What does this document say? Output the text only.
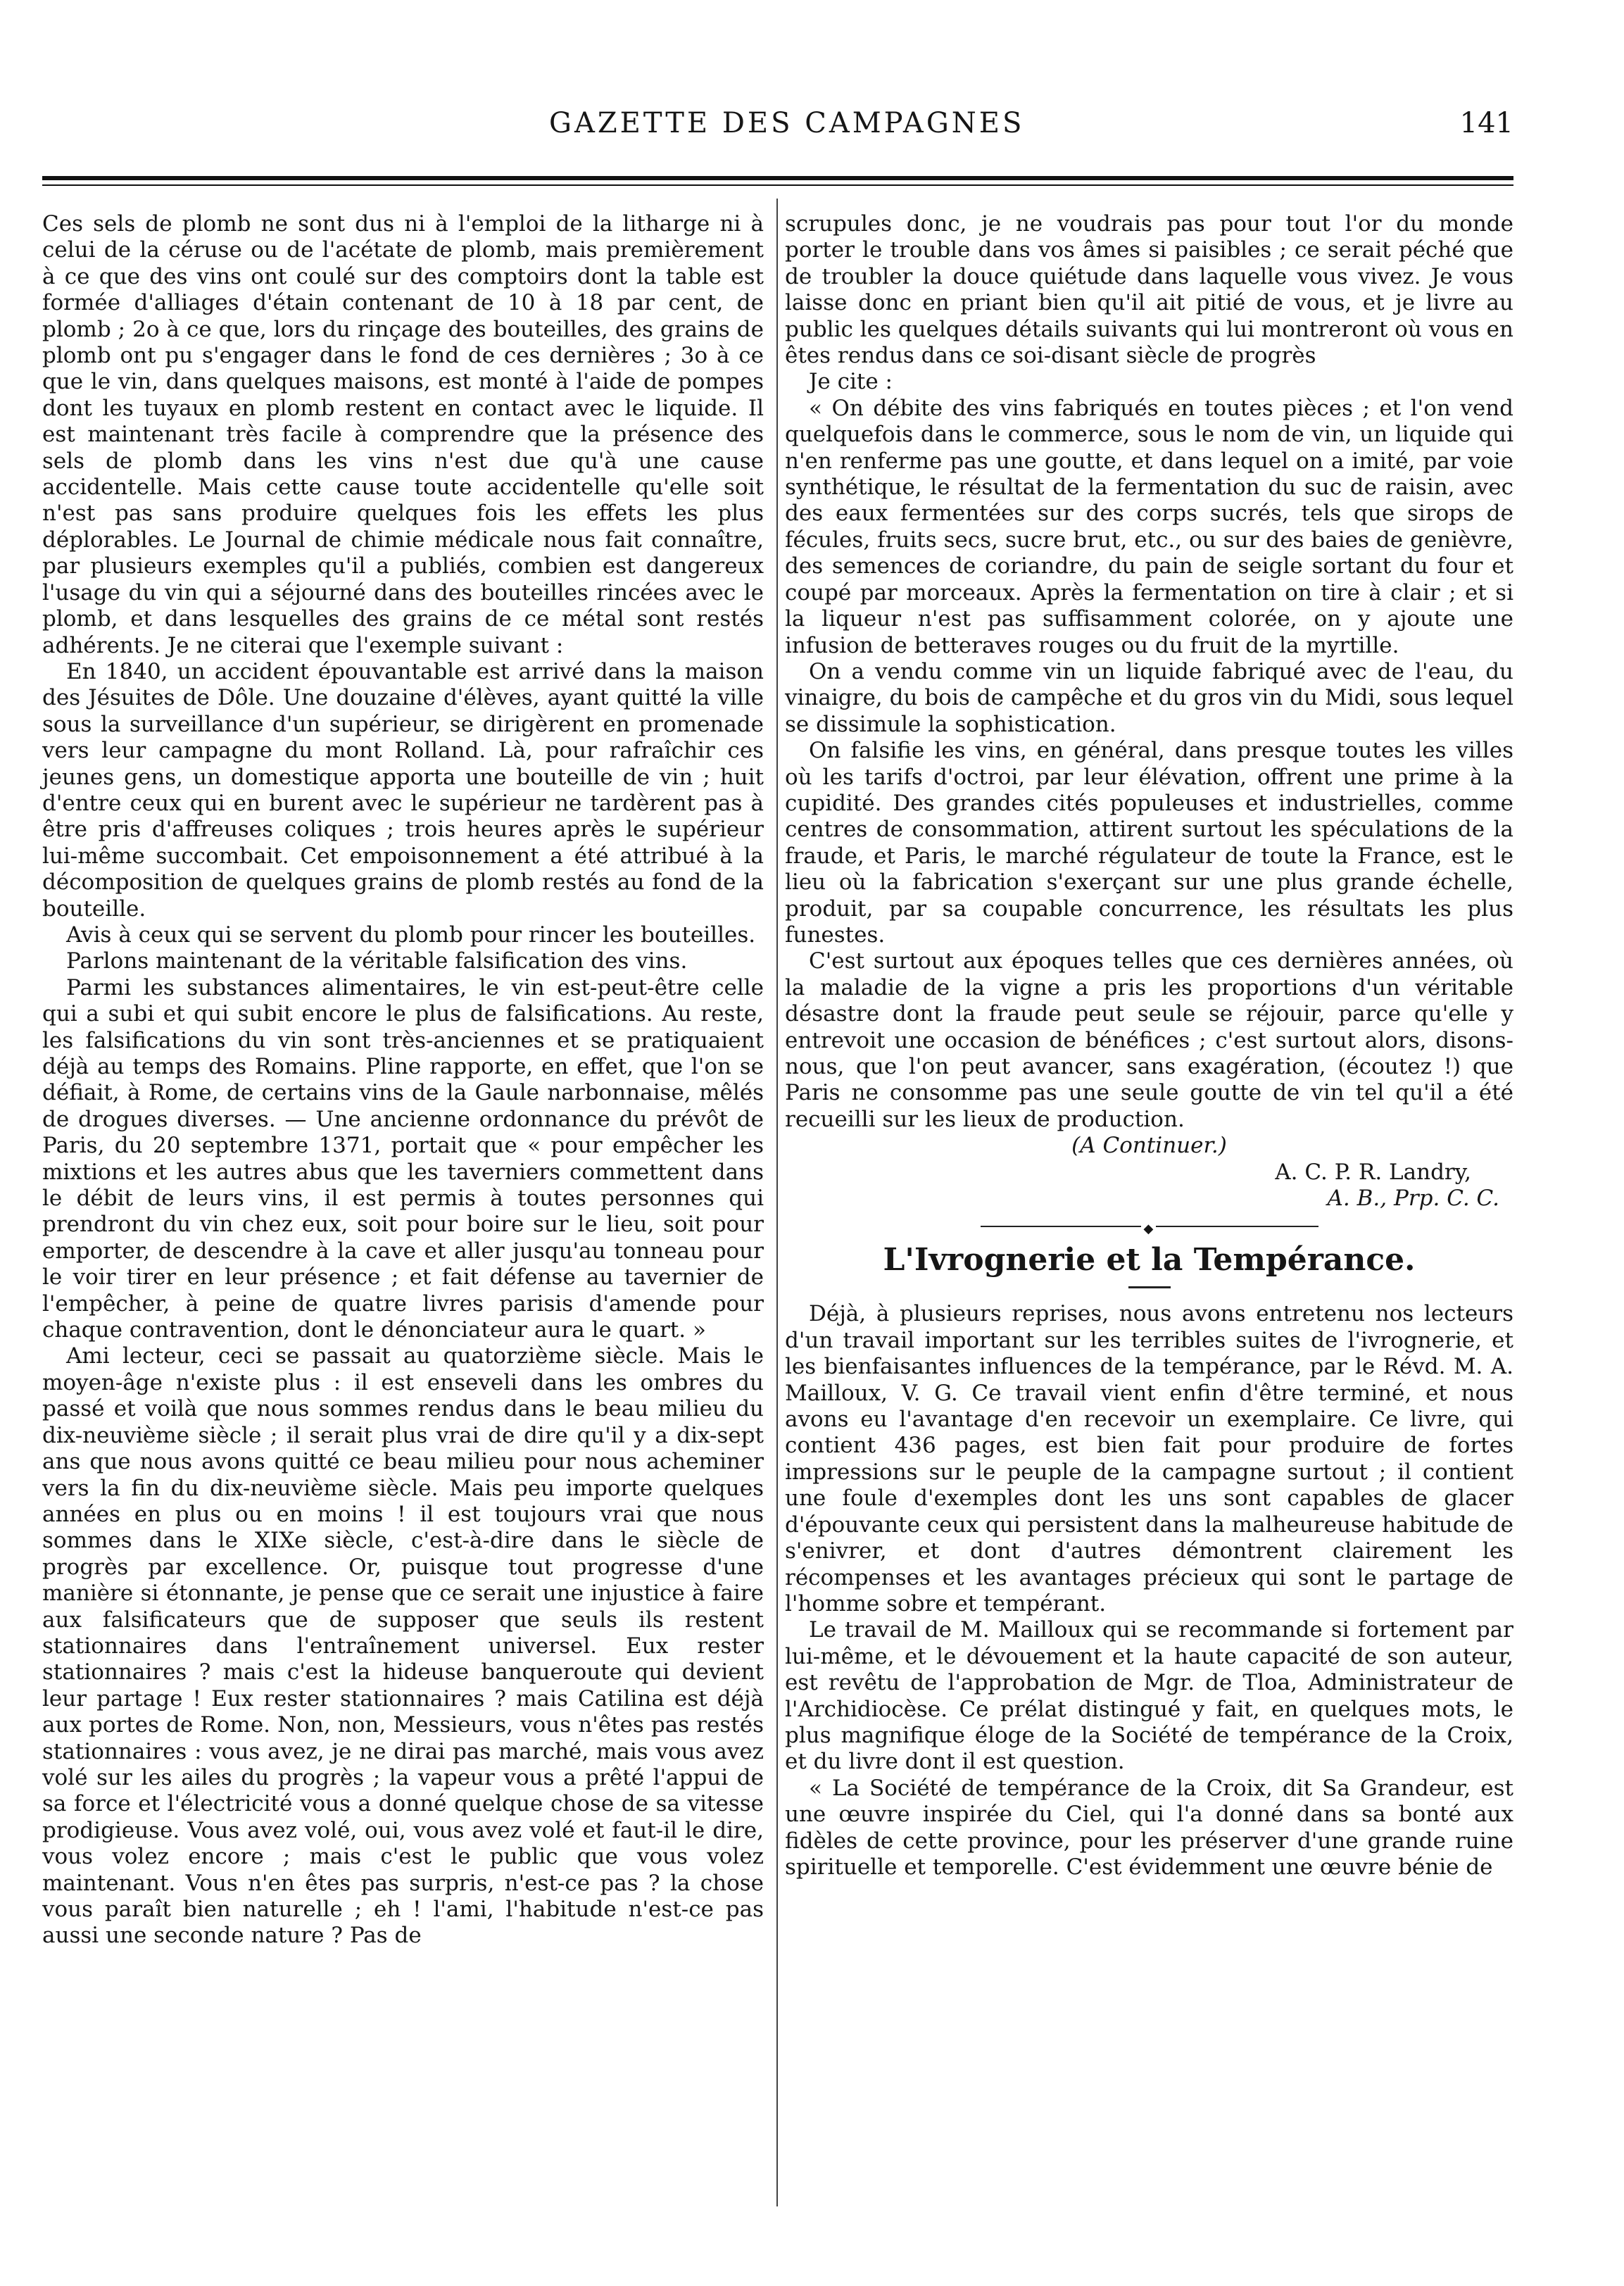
GAZETTE DES CAMPAGNES	141

Ces sels de plomb ne sont dus ni à l'emploi de la litharge ni à celui de la céruse ou de l'acétate de plomb, mais premièrement à ce que des vins ont coulé sur des comptoirs dont la table est formée d'alliages d'étain contenant de 10 à 18 par cent, de plomb ; 2o à ce que, lors du rinçage des bouteilles, des grains de plomb ont pu s'engager dans le fond de ces dernières ; 3o à ce que le vin, dans quelques maisons, est monté à l'aide de pompes dont les tuyaux en plomb restent en contact avec le liquide. Il est maintenant très facile à comprendre que la présence des sels de plomb dans les vins n'est due qu'à une cause accidentelle. Mais cette cause toute accidentelle qu'elle soit n'est pas sans produire quelques fois les effets les plus déplorables. Le Journal de chimie médicale nous fait connaître, par plusieurs exemples qu'il a publiés, combien est dangereux l'usage du vin qui a séjourné dans des bouteilles rincées avec le plomb, et dans lesquelles des grains de ce métal sont restés adhérents. Je ne citerai que l'exemple suivant :

En 1840, un accident épouvantable est arrivé dans la maison des Jésuites de Dôle. Une douzaine d'élèves, ayant quitté la ville sous la surveillance d'un supérieur, se dirigèrent en promenade vers leur campagne du mont Rolland. Là, pour rafraîchir ces jeunes gens, un domestique apporta une bouteille de vin ; huit d'entre ceux qui en burent avec le supérieur ne tardèrent pas à être pris d'affreuses coliques ; trois heures après le supérieur lui-même succombait. Cet empoisonnement a été attribué à la décomposition de quelques grains de plomb restés au fond de la bouteille.

Avis à ceux qui se servent du plomb pour rincer les bouteilles.

Parlons maintenant de la véritable falsification des vins.

Parmi les substances alimentaires, le vin est-peut-être celle qui a subi et qui subit encore le plus de falsifications. Au reste, les falsifications du vin sont très-anciennes et se pratiquaient déjà au temps des Romains. Pline rapporte, en effet, que l'on se défiait, à Rome, de certains vins de la Gaule narbonnaise, mêlés de drogues diverses. — Une ancienne ordonnance du prévôt de Paris, du 20 septembre 1371, portait que « pour empêcher les mixtions et les autres abus que les taverniers commettent dans le débit de leurs vins, il est permis à toutes personnes qui prendront du vin chez eux, soit pour boire sur le lieu, soit pour emporter, de descendre à la cave et aller jusqu'au tonneau pour le voir tirer en leur présence ; et fait défense au tavernier de l'empêcher, à peine de quatre livres parisis d'amende pour chaque contravention, dont le dénonciateur aura le quart. »

Ami lecteur, ceci se passait au quatorzième siècle. Mais le moyen-âge n'existe plus : il est enseveli dans les ombres du passé et voilà que nous sommes rendus dans le beau milieu du dix-neuvième siècle ; il serait plus vrai de dire qu'il y a dix-sept ans que nous avons quitté ce beau milieu pour nous acheminer vers la fin du dix-neuvième siècle. Mais peu importe quelques années en plus ou en moins ! il est toujours vrai que nous sommes dans le XIXe siècle, c'est-à-dire dans le siècle de progrès par excellence. Or, puisque tout progresse d'une manière si étonnante, je pense que ce serait une injustice à faire aux falsificateurs que de supposer que seuls ils restent stationnaires dans l'entraînement universel. Eux rester stationnaires ? mais c'est la hideuse banqueroute qui devient leur partage ! Eux rester stationnaires ? mais Catilina est déjà aux portes de Rome. Non, non, Messieurs, vous n'êtes pas restés stationnaires : vous avez, je ne dirai pas marché, mais vous avez volé sur les ailes du progrès ; la vapeur vous a prêté l'appui de sa force et l'électricité vous a donné quelque chose de sa vitesse prodigieuse. Vous avez volé, oui, vous avez volé et faut-il le dire, vous volez encore ; mais c'est le public que vous volez maintenant. Vous n'en êtes pas surpris, n'est-ce pas ? la chose vous paraît bien naturelle ; eh ! l'ami, l'habitude n'est-ce pas aussi une seconde nature ? Pas de

scrupules donc, je ne voudrais pas pour tout l'or du monde porter le trouble dans vos âmes si paisibles ; ce serait péché que de troubler la douce quiétude dans laquelle vous vivez. Je vous laisse donc en priant bien qu'il ait pitié de vous, et je livre au public les quelques détails suivants qui lui montreront où vous en êtes rendus dans ce soi-disant siècle de progrès

Je cite :

« On débite des vins fabriqués en toutes pièces ; et l'on vend quelquefois dans le commerce, sous le nom de vin, un liquide qui n'en renferme pas une goutte, et dans lequel on a imité, par voie synthétique, le résultat de la fermentation du suc de raisin, avec des eaux fermentées sur des corps sucrés, tels que sirops de fécules, fruits secs, sucre brut, etc., ou sur des baies de genièvre, des semences de coriandre, du pain de seigle sortant du four et coupé par morceaux. Après la fermentation on tire à clair ; et si la liqueur n'est pas suffisamment colorée, on y ajoute une infusion de betteraves rouges ou du fruit de la myrtille.

On a vendu comme vin un liquide fabriqué avec de l'eau, du vinaigre, du bois de campêche et du gros vin du Midi, sous lequel se dissimule la sophistication.

On falsifie les vins, en général, dans presque toutes les villes où les tarifs d'octroi, par leur élévation, offrent une prime à la cupidité. Des grandes cités populeuses et industrielles, comme centres de consommation, attirent surtout les spéculations de la fraude, et Paris, le marché régulateur de toute la France, est le lieu où la fabrication s'exerçant sur une plus grande échelle, produit, par sa coupable concurrence, les résultats les plus funestes.

C'est surtout aux époques telles que ces dernières années, où la maladie de la vigne a pris les proportions d'un véritable désastre dont la fraude peut seule se réjouir, parce qu'elle y entrevoit une occasion de bénéfices ; c'est surtout alors, disons-nous, que l'on peut avancer, sans exagération, (écoutez !) que Paris ne consomme pas une seule goutte de vin tel qu'il a été recueilli sur les lieux de production.

(A Continuer.)

A. C. P. R. Landry,

A. B., Prp. C. C.

◆
L'Ivrognerie et la Tempérance.

Déjà, à plusieurs reprises, nous avons entretenu nos lecteurs d'un travail important sur les terribles suites de l'ivrognerie, et les bienfaisantes influences de la tempérance, par le Révd. M. A. Mailloux, V. G. Ce travail vient enfin d'être terminé, et nous avons eu l'avantage d'en recevoir un exemplaire. Ce livre, qui contient 436 pages, est bien fait pour produire de fortes impressions sur le peuple de la campagne surtout ; il contient une foule d'exemples dont les uns sont capables de glacer d'épouvante ceux qui persistent dans la malheureuse habitude de s'enivrer, et dont d'autres démontrent clairement les récompenses et les avantages précieux qui sont le partage de l'homme sobre et tempérant.

Le travail de M. Mailloux qui se recommande si fortement par lui-même, et le dévouement et la haute capacité de son auteur, est revêtu de l'approbation de Mgr. de Tloa, Administrateur de l'Archidiocèse. Ce prélat distingué y fait, en quelques mots, le plus magnifique éloge de la Société de tempérance de la Croix, et du livre dont il est question.

« La Société de tempérance de la Croix, dit Sa Grandeur, est une œuvre inspirée du Ciel, qui l'a donné dans sa bonté aux fidèles de cette province, pour les préserver d'une grande ruine spirituelle et temporelle. C'est évidemment une œuvre bénie de
